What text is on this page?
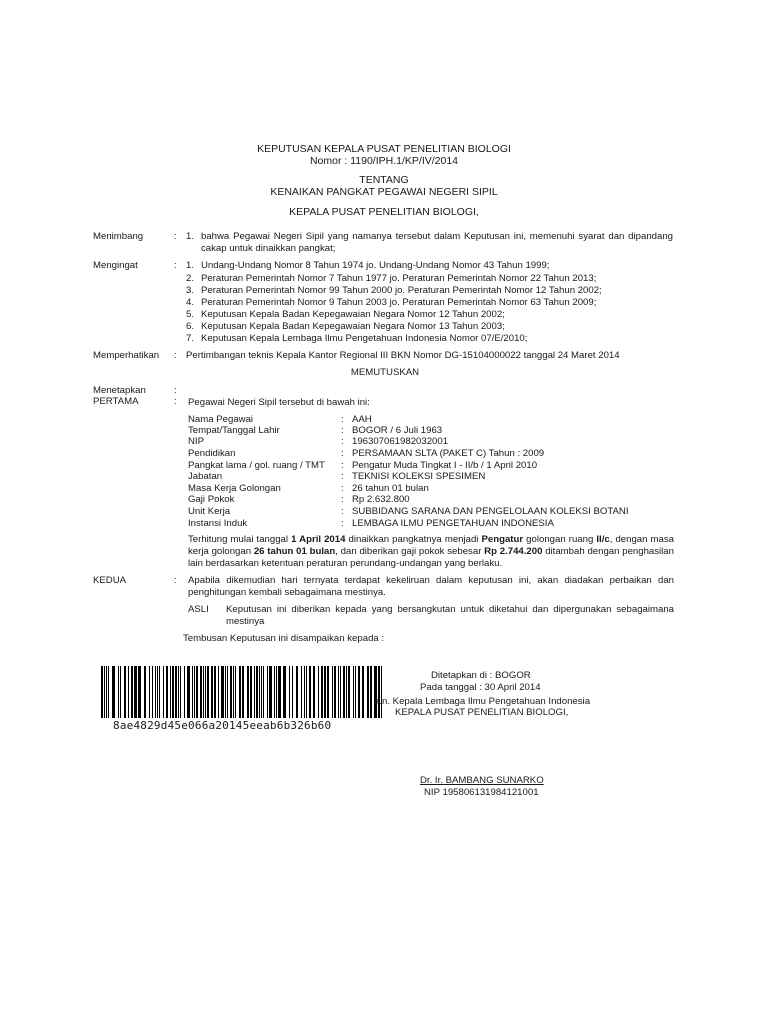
KEPUTUSAN KEPALA PUSAT PENELITIAN BIOLOGI
Nomor : 1190/IPH.1/KP/IV/2014
TENTANG
KENAIKAN PANGKAT PEGAWAI NEGERI SIPIL
KEPALA PUSAT PENELITIAN BIOLOGI,
Menimbang	: 1. bahwa Pegawai Negeri Sipil yang namanya tersebut dalam Keputusan ini, memenuhi syarat dan dipandang cakap untuk dinaikkan pangkat;
Mengingat	: 1. Undang-Undang Nomor 8 Tahun 1974 jo. Undang-Undang Nomor 43 Tahun 1999;
2. Peraturan Pemerintah Nomor 7 Tahun 1977 jo. Peraturan Pemerintah Nomor 22 Tahun 2013;
3. Peraturan Pemerintah Nomor 99 Tahun 2000 jo. Peraturan Pemerintah Nomor 12 Tahun 2002;
4. Peraturan Pemerintah Nomor 9 Tahun 2003 jo. Peraturan Pemerintah Nomor 63 Tahun 2009;
5. Keputusan Kepala Badan Kepegawaian Negara Nomor 12 Tahun 2002;
6. Keputusan Kepala Badan Kepegawaian Negara Nomor 13 Tahun 2003;
7. Keputusan Kepala Lembaga Ilmu Pengetahuan Indonesia Nomor 07/E/2010;
Memperhatikan : Pertimbangan teknis Kepala Kantor Regional III BKN Nomor DG-15104000022 tanggal 24 Maret 2014
MEMUTUSKAN
Menetapkan	:
PERTAMA	: Pegawai Negeri Sipil tersebut di bawah ini:
Nama Pegawai	: AAH
Tempat/Tanggal Lahir	: BOGOR / 6 Juli 1963
NIP	: 196307061982032001
Pendidikan	: PERSAMAAN SLTA (PAKET C) Tahun : 2009
Pangkat lama / gol. ruang / TMT : Pengatur Muda Tingkat I - II/b / 1 April 2010
Jabatan	: TEKNISI KOLEKSI SPESIMEN
Masa Kerja Golongan	: 26 tahun 01 bulan
Gaji Pokok	: Rp 2.632.800
Unit Kerja	: SUBBIDANG SARANA DAN PENGELOLAAN KOLEKSI BOTANI
Instansi Induk	: LEMBAGA ILMU PENGETAHUAN INDONESIA
Terhitung mulai tanggal 1 April 2014 dinaikkan pangkatnya menjadi Pengatur golongan ruang II/c, dengan masa kerja golongan 26 tahun 01 bulan, dan diberikan gaji pokok sebesar Rp 2.744.200 ditambah dengan penghasilan lain berdasarkan ketentuan peraturan perundang-undangan yang berlaku.
KEDUA	: Apabila dikemudian hari ternyata terdapat kekeliruan dalam keputusan ini, akan diadakan perbaikan dan penghitungan kembali sebagaimana mestinya.
ASLI Keputusan ini diberikan kepada yang bersangkutan untuk diketahui dan dipergunakan sebagaimana mestinya
Tembusan Keputusan ini disampaikan kepada :
8ae4829d45e066a20145eeab6b326b60
Ditetapkan di : BOGOR
Pada tanggal : 30 April 2014
a.n. Kepala Lembaga Ilmu Pengetahuan Indonesia
KEPALA PUSAT PENELITIAN BIOLOGI,
Dr. Ir. BAMBANG SUNARKO
NIP 195806131984121001
